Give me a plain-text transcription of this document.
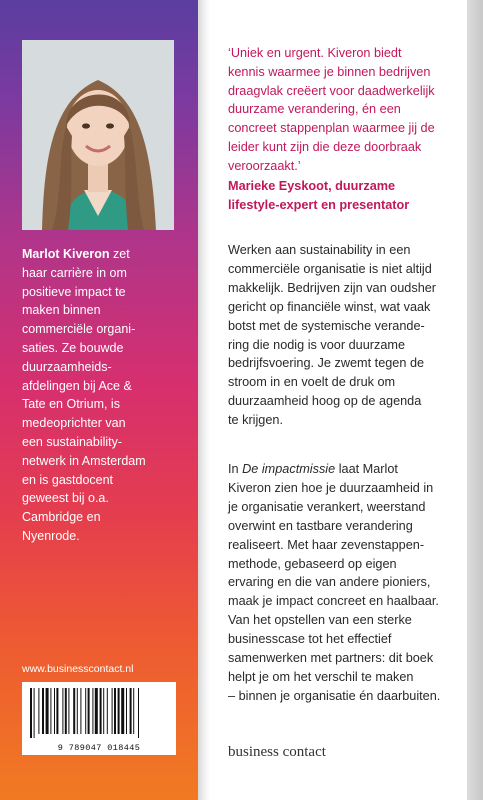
Marlot Kiveron zet
haar carrière in om
positieve impact te
maken binnen
commerciële organi-
saties. Ze bouwde
duurzaamheids-
afdelingen bij Ace &
Tate en Otrium, is
medeoprichter van
een sustainability-
netwerk in Amsterdam
en is gastdocent
geweest bij o.a.
Cambridge en
Nyenrode.
www.businesscontact.nl
9 789047 018445
‘Uniek en urgent. Kiveron biedt
kennis waarmee je binnen bedrijven
draagvlak creëert voor daadwerkelijk
duurzame verandering, én een
concreet stappenplan waarmee jij de
leider kunt zijn die deze doorbraak
veroorzaakt.’
Marieke Eyskoot, duurzame
lifestyle-expert en presentator
Werken aan sustainability in een
commerciële organisatie is niet altijd
makkelijk. Bedrijven zijn van oudsher
gericht op financiële winst, wat vaak
botst met de systemische verande-
ring die nodig is voor duurzame
bedrijfsvoering. Je zwemt tegen de
stroom in en voelt de druk om
duurzaamheid hoog op de agenda
te krijgen.
In De impactmissie laat Marlot
Kiveron zien hoe je duurzaamheid in
je organisatie verankert, weerstand
overwint en tastbare verandering
realiseert. Met haar zevenstappen-
methode, gebaseerd op eigen
ervaring en die van andere pioniers,
maak je impact concreet en haalbaar.
Van het opstellen van een sterke
businesscase tot het effectief
samenwerken met partners: dit boek
helpt je om het verschil te maken
– binnen je organisatie én daarbuiten.
business contact
